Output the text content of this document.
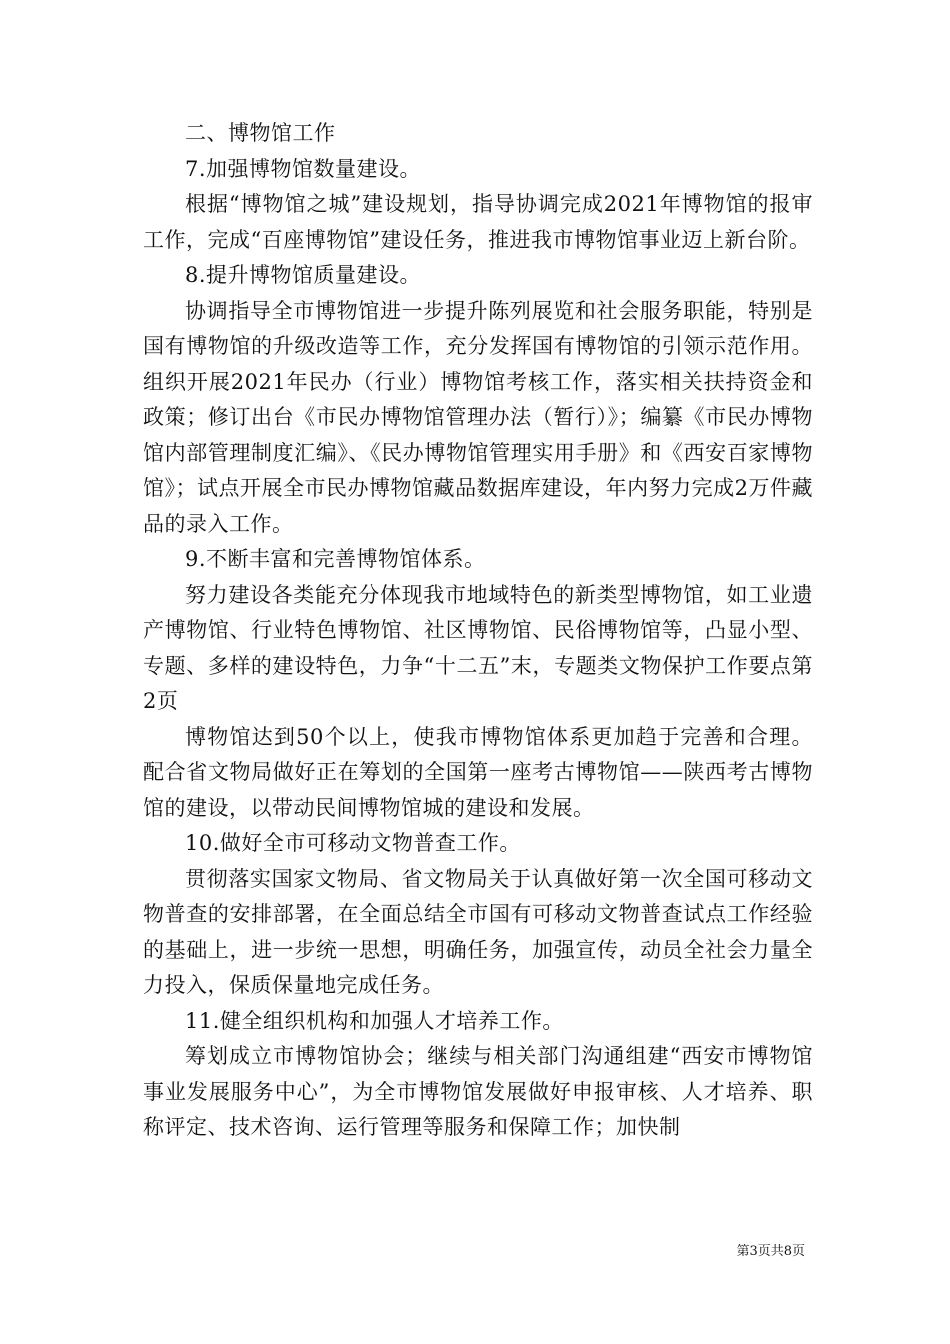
二、博物馆工作

7.加强博物馆数量建设。

根据“博物馆之城”建设规划，指导协调完成2021年博物馆的报审工作，完成“百座博物馆”建设任务，推进我市博物馆事业迈上新台阶。

8.提升博物馆质量建设。

协调指导全市博物馆进一步提升陈列展览和社会服务职能，特别是国有博物馆的升级改造等工作，充分发挥国有博物馆的引领示范作用。组织开展2021年民办（行业）博物馆考核工作，落实相关扶持资金和政策；修订出台《市民办博物馆管理办法（暂行）》；编纂《市民办博物馆内部管理制度汇编》、《民办博物馆管理实用手册》和《西安百家博物馆》；试点开展全市民办博物馆藏品数据库建设，年内努力完成2万件藏品的录入工作。

9.不断丰富和完善博物馆体系。

努力建设各类能充分体现我市地域特色的新类型博物馆，如工业遗产博物馆、行业特色博物馆、社区博物馆、民俗博物馆等，凸显小型、专题、多样的建设特色，力争“十二五”末，专题类文物保护工作要点第2页

博物馆达到50个以上，使我市博物馆体系更加趋于完善和合理。配合省文物局做好正在筹划的全国第一座考古博物馆——陕西考古博物馆的建设，以带动民间博物馆城的建设和发展。

10.做好全市可移动文物普查工作。

贯彻落实国家文物局、省文物局关于认真做好第一次全国可移动文物普查的安排部署，在全面总结全市国有可移动文物普查试点工作经验的基础上，进一步统一思想，明确任务，加强宣传，动员全社会力量全力投入，保质保量地完成任务。

11.健全组织机构和加强人才培养工作。

筹划成立市博物馆协会；继续与相关部门沟通组建“西安市博物馆事业发展服务中心”，为全市博物馆发展做好申报审核、人才培养、职称评定、技术咨询、运行管理等服务和保障工作；加快制

第3页共8页
